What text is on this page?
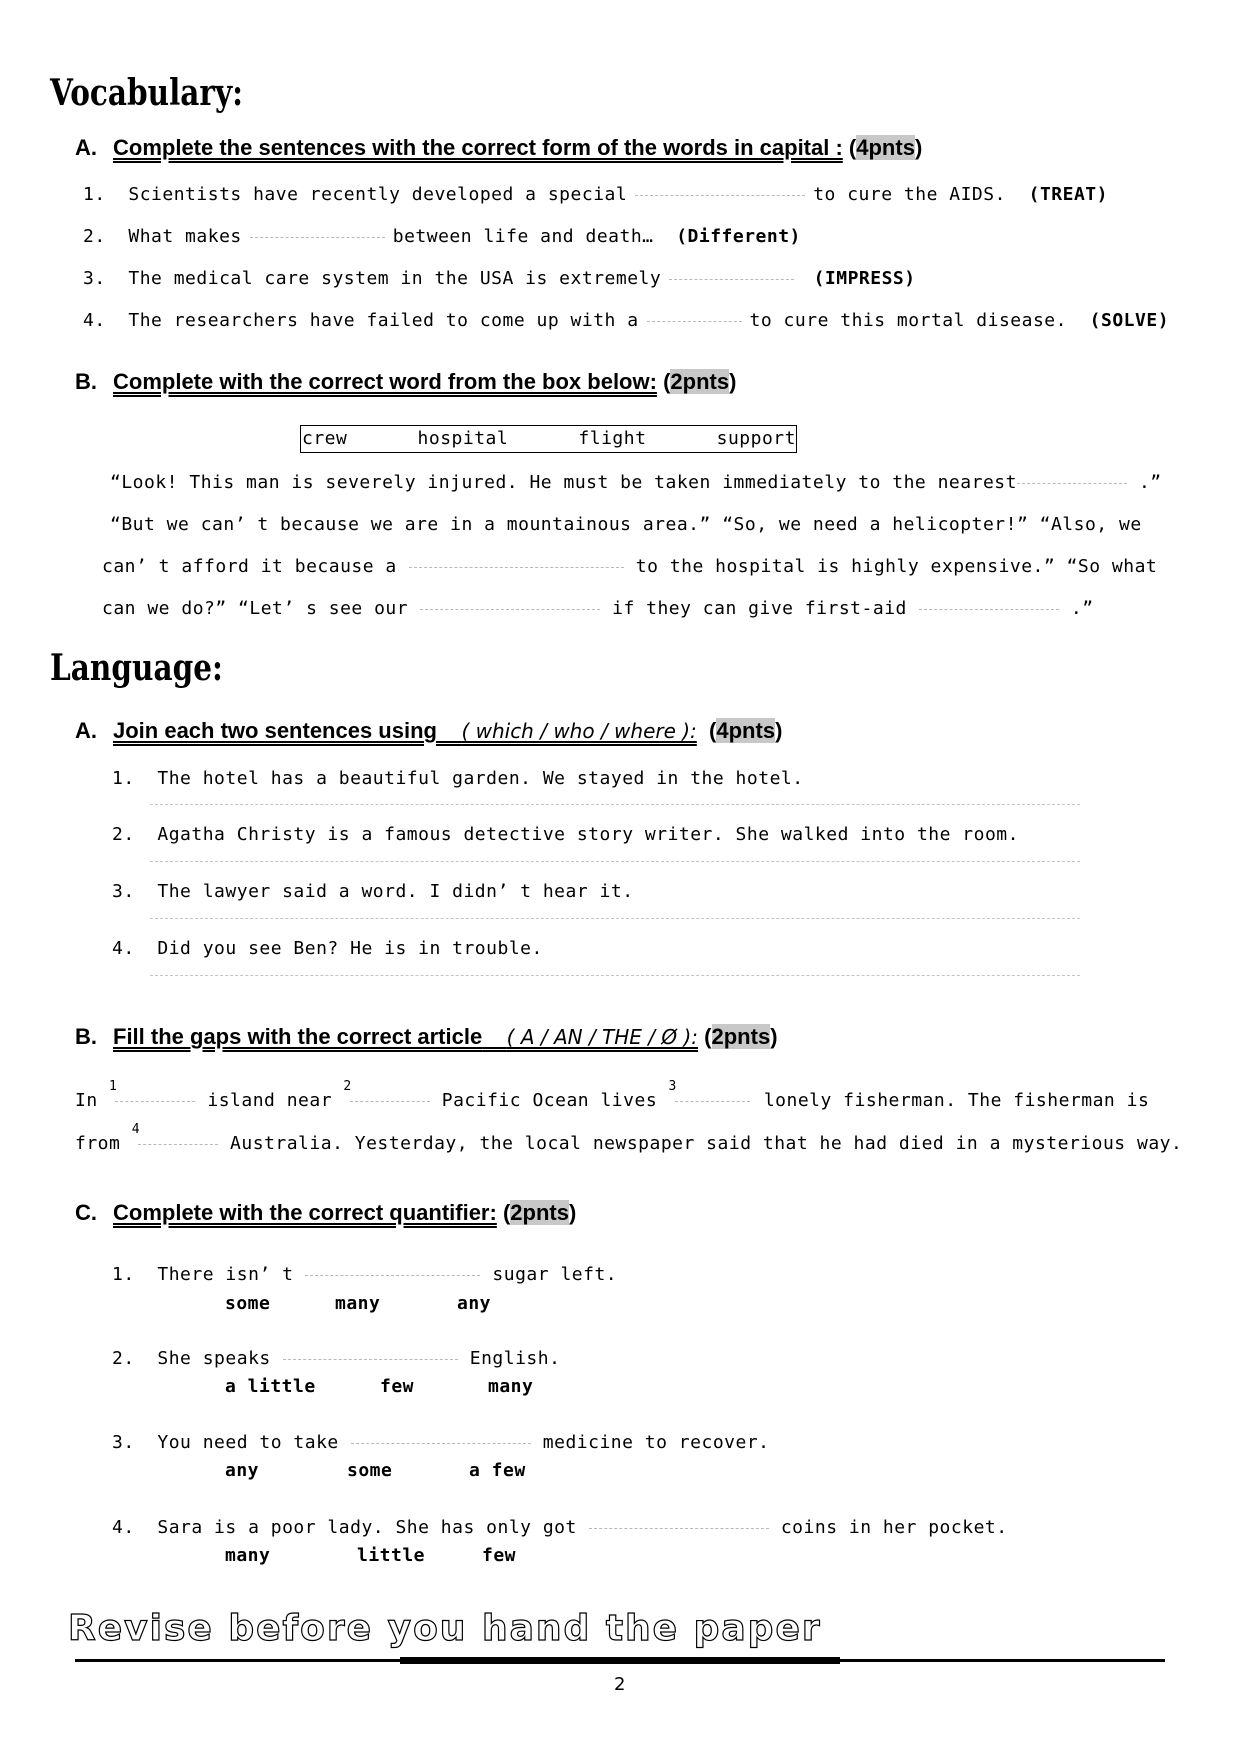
Vocabulary:
A. Complete the sentences with the correct form of the words in capital : (4pnts)
1. Scientists have recently developed a special	to cure the AIDS. (TREAT)
2. What makes	between life and death… (Different)
3. The medical care system in the USA is extremely	(IMPRESS)
4. The researchers have failed to come up with a	to cure this mortal disease. (SOLVE)
B. Complete with the correct word from the box below: (2pnts)
crew	hospital	flight	support
“Look! This man is severely injured. He must be taken immediately to the nearest	.”
“But we can’ t because we are in a mountainous area.” “So, we need a helicopter!” “Also, we
can’ t afford it because a	to the hospital is highly expensive.” “So what
can we do?” “Let’ s see our	if they can give first-aid	.”
Language:
A. Join each two sentences using ( which / who / where ): (4pnts)
1. The hotel has a beautiful garden. We stayed in the hotel.
2. Agatha Christy is a famous detective story writer. She walked into the room.
3. The lawyer said a word. I didn’ t hear it.
4. Did you see Ben? He is in trouble.
B. Fill the gaps with the correct article ( A / AN / THE / Ø ): (2pnts)
In $^1$island near $^2$Pacific Ocean lives $^3$lonely fisherman. The fisherman is
from $^4$Australia. Yesterday, the local newspaper said that he had died in a mysterious way.
C. Complete with the correct quantifier: (2pnts)
1. There isn’ t	sugar left.
some	many	any
2. She speaks	English.
a little	few	many
3. You need to take	medicine to recover.
any	some	a few
4. Sara is a poor lady. She has only got	coins in her pocket.
many	little	few
Revise before you hand the paper
2
